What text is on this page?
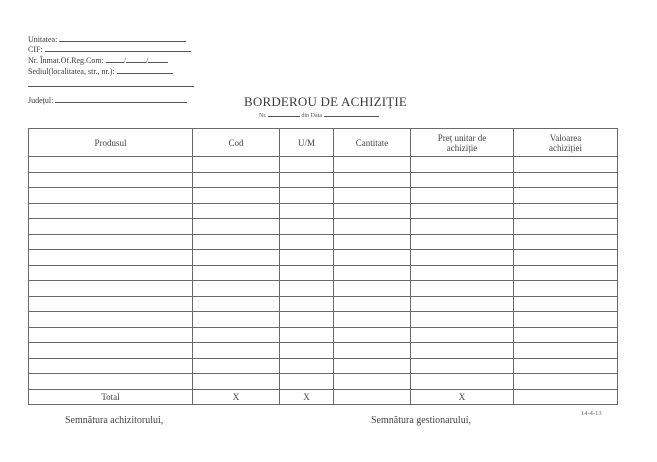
Unitatea:
CIF:
Nr. Înmat.Of.Reg.Com:	/	/
Sediul(localitatea, str., nr.):
Județul:	BORDEROU DE ACHIZIȚIE
Nr.	din Data
Produsul	Cod	U/M	Cantitate	Preț unitar de achiziție	Valoarea achiziției

Total	X	X		X	
Semnătura achizitorului,	Semnătura gestionarului,
14-4-13
